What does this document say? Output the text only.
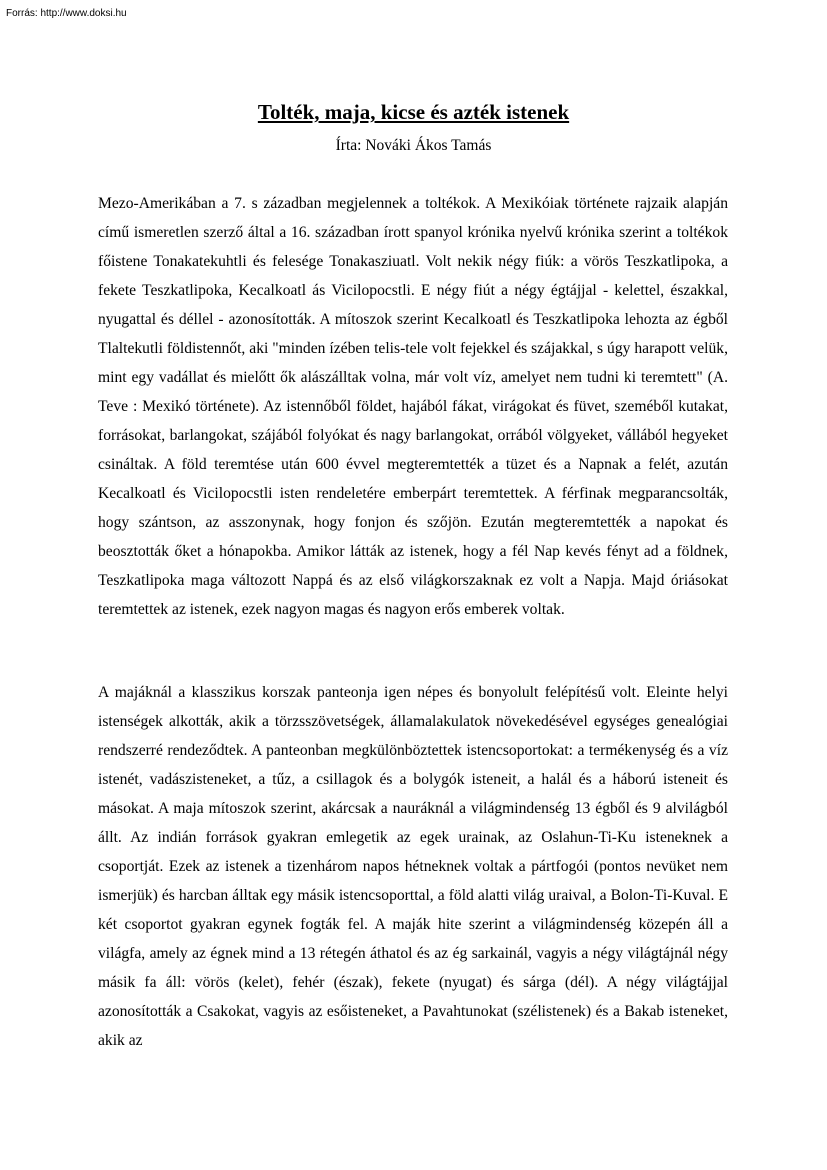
Forrás: http://www.doksi.hu
Tolték, maja, kicse és azték istenek
Írta: Nováki Ákos Tamás

Mezo-Amerikában a 7. s zázadban megjelennek a toltékok. A Mexikóiak története rajzaik alapján című ismeretlen szerző által a 16. században írott spanyol krónika nyelvű krónika szerint a toltékok főistene Tonakatekuhtli és felesége Tonakasziuatl. Volt nekik négy fiúk: a vörös Teszkatlipoka, a fekete Teszkatlipoka, Kecalkoatl ás Vicilopocstli. E négy fiút a négy égtájjal - kelettel, északkal, nyugattal és déllel - azonosították. A mítoszok szerint Kecalkoatl és Teszkatlipoka lehozta az égből Tlaltekutli földistennőt, aki "minden ízében telis-tele volt fejekkel és szájakkal, s úgy harapott velük, mint egy vadállat és mielőtt ők alászálltak volna, már volt víz, amelyet nem tudni ki teremtett" (A. Teve : Mexikó története). Az istennőből földet, hajából fákat, virágokat és füvet, szeméből kutakat, forrásokat, barlangokat, szájából folyókat és nagy barlangokat, orrából völgyeket, vállából hegyeket csináltak. A föld teremtése után 600 évvel megteremtették a tüzet és a Napnak a felét, azután Kecalkoatl és Vicilopocstli isten rendeletére emberpárt teremtettek. A férfinak megparancsolták, hogy szántson, az asszonynak, hogy fonjon és szőjön. Ezután megteremtették a napokat és beosztották őket a hónapokba. Amikor látták az istenek, hogy a fél Nap kevés fényt ad a földnek, Teszkatlipoka maga változott Nappá és az első világkorszaknak ez volt a Napja. Majd óriásokat teremtettek az istenek, ezek nagyon magas és nagyon erős emberek voltak.

A majáknál a klasszikus korszak panteonja igen népes és bonyolult felépítésű volt. Eleinte helyi istenségek alkották, akik a törzsszövetségek, államalakulatok növekedésével egységes genealógiai rendszerré rendeződtek. A panteonban megkülönböztettek istencsoportokat: a termékenység és a víz istenét, vadászisteneket, a tűz, a csillagok és a bolygók isteneit, a halál és a háború isteneit és másokat. A maja mítoszok szerint, akárcsak a nauráknál a világmindenség 13 égből és 9 alvilágból állt. Az indián források gyakran emlegetik az egek urainak, az Oslahun-Ti-Ku isteneknek a csoportját. Ezek az istenek a tizenhárom napos hétneknek voltak a pártfogói (pontos nevüket nem ismerjük) és harcban álltak egy másik istencsoporttal, a föld alatti világ uraival, a Bolon-Ti-Kuval. E két csoportot gyakran egynek fogták fel. A maják hite szerint a világmindenség közepén áll a világfa, amely az égnek mind a 13 rétegén áthatol és az ég sarkainál, vagyis a négy világtájnál négy másik fa áll: vörös (kelet), fehér (észak), fekete (nyugat) és sárga (dél). A négy világtájjal azonosították a Csakokat, vagyis az esőisteneket, a Pavahtunokat (szélistenek) és a Bakab isteneket, akik az
